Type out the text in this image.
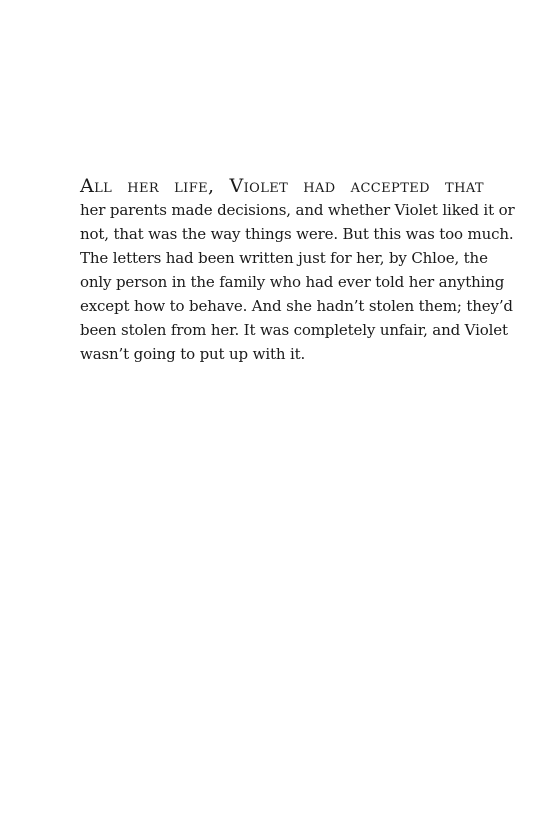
All her life, Violet had accepted that
her parents made decisions, and whether Violet liked it or
not, that was the way things were. But this was too much.
The letters had been written just for her, by Chloe, the
only person in the family who had ever told her anything
except how to behave. And she hadn’t stolen them; they’d
been stolen from her. It was completely unfair, and Violet
wasn’t going to put up with it.
